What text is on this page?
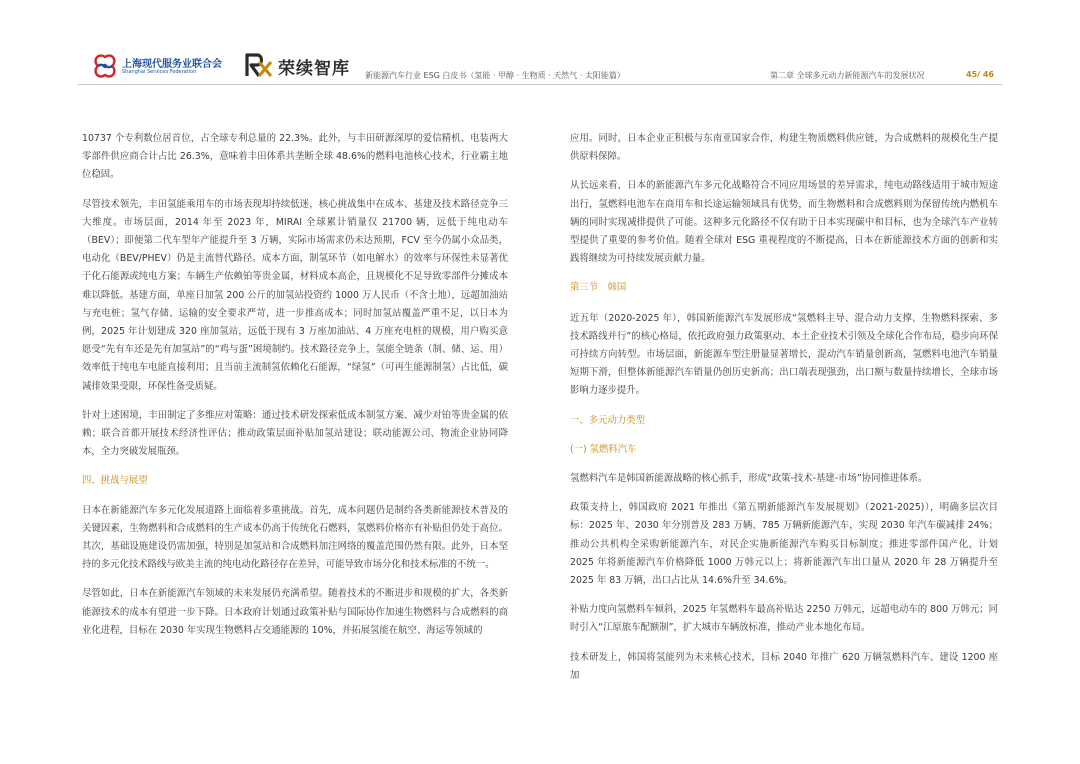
上海现代服务业联合会
Shanghai Services Federation	荣续智库 新能源汽车行业 ESG 白皮书（氢能 · 甲醇 · 生物质 · 天然气 · 太阳能篇）	第二章 全球多元动力新能源汽车的发展状况	45/ 46

10737 个专利数位居首位，占全球专利总量的 22.3%。此外，与丰田研源深厚的爱信精机、电装两大零部件供应商合计占比 26.3%，意味着丰田体系共垄断全球 48.6%的燃料电池核心技术，行业霸主地位稳固。

尽管技术领先，丰田氢能乘用车的市场表现却持续低迷，核心挑战集中在成本、基建及技术路径竞争三大维度。市场层面，2014 年至 2023 年，MIRAI 全球累计销量仅 21700 辆，远低于纯电动车（BEV）；即便第二代车型年产能提升至 3 万辆，实际市场需求仍未达预期，FCV 至今仍属小众品类，电动化（BEV/PHEV）仍是主流替代路径。成本方面，制氢环节（如电解水）的效率与环保性未显著优于化石能源或纯电方案；车辆生产依赖铂等贵金属，材料成本高企，且规模化不足导致零部件分摊成本难以降低。基建方面，单座日加氢 200 公斤的加氢站投资约 1000 万人民币（不含土地），远超加油站与充电桩；氢气存储、运输的安全要求严苛，进一步推高成本；同时加氢站覆盖严重不足，以日本为例，2025 年计划建成 320 座加氢站，远低于现有 3 万座加油站、4 万座充电桩的规模，用户购买意愿受“先有车还是先有加氢站”的“鸡与蛋”困境制约。技术路径竞争上，氢能全链条（制、储、运、用）效率低于纯电车电能直接利用；且当前主流制氢依赖化石能源，“绿氢”（可再生能源制氢）占比低，碳减排效果受限，环保性备受质疑。

针对上述困境，丰田制定了多维应对策略：通过技术研发探索低成本制氢方案、减少对铂等贵金属的依赖；联合首都开展技术经济性评估；推动政策层面补贴加氢站建设；联动能源公司、物流企业协同降本，全力突破发展瓶颈。

四、挑战与展望

日本在新能源汽车多元化发展道路上面临着多重挑战。首先，成本问题仍是制约各类新能源技术普及的关键因素，生物燃料和合成燃料的生产成本仍高于传统化石燃料，氢燃料价格亦有补贴但仍处于高位。其次，基础设施建设仍需加强，特别是加氢站和合成燃料加注网络的覆盖范围仍然有限。此外，日本坚持的多元化技术路线与欧美主流的纯电动化路径存在差异，可能导致市场分化和技术标准的不统一。

尽管如此，日本在新能源汽车领域的未来发展仍充满希望。随着技术的不断进步和规模的扩大，各类新能源技术的成本有望进一步下降。日本政府计划通过政策补贴与国际协作加速生物燃料与合成燃料的商业化进程，目标在 2030 年实现生物燃料占交通能源的 10%，并拓展氢能在航空、海运等领域的

应用。同时，日本企业正积极与东南亚国家合作，构建生物质燃料供应链，为合成燃料的规模化生产提供原料保障。

从长远来看，日本的新能源汽车多元化战略符合不同应用场景的差异需求，纯电动路线适用于城市短途出行，氢燃料电池车在商用车和长途运输领域具有优势，而生物燃料和合成燃料则为保留传统内燃机车辆的同时实现减排提供了可能。这种多元化路径不仅有助于日本实现碳中和目标，也为全球汽车产业转型提供了重要的参考价值。随着全球对 ESG 重视程度的不断提高，日本在新能源技术方面的创新和实践将继续为可持续发展贡献力量。

第三节　韩国

近五年（2020-2025 年），韩国新能源汽车发展形成“氢燃料主导、混合动力支撑、生物燃料探索、多技术路线并行”的核心格局，依托政府强力政策驱动、本土企业技术引领及全球化合作布局，稳步向环保可持续方向转型。市场层面，新能源车型注册量显著增长，混动汽车销量创新高，氢燃料电池汽车销量短期下滑，但整体新能源汽车销量仍创历史新高；出口端表现强劲，出口额与数量持续增长，全球市场影响力逐步提升。

一、多元动力类型
(一) 氢燃料汽车

氢燃料汽车是韩国新能源战略的核心抓手，形成“政策-技术-基建-市场”协同推进体系。

政策支持上，韩国政府 2021 年推出《第五期新能源汽车发展规划》（2021-2025)），明确多层次目标：2025 年、2030 年分别普及 283 万辆、785 万辆新能源汽车，实现 2030 年汽车碳减排 24%；推动公共机构全采购新能源汽车，对民企实施新能源汽车购买目标制度；推进零部件国产化，计划 2025 年将新能源汽车价格降低 1000 万韩元以上；将新能源汽车出口量从 2020 年 28 万辆提升至 2025 年 83 万辆，出口占比从 14.6%升至 34.6%。

补贴力度向氢燃料车倾斜，2025 年氢燃料车最高补贴达 2250 万韩元，远超电动车的 800 万韩元；同时引入“江原旅车配额制”，扩大城市车辆放标准，推动产业本地化布局。

技术研发上，韩国将氢能列为未来核心技术，目标 2040 年推广 620 万辆氢燃料汽车、建设 1200 座加
